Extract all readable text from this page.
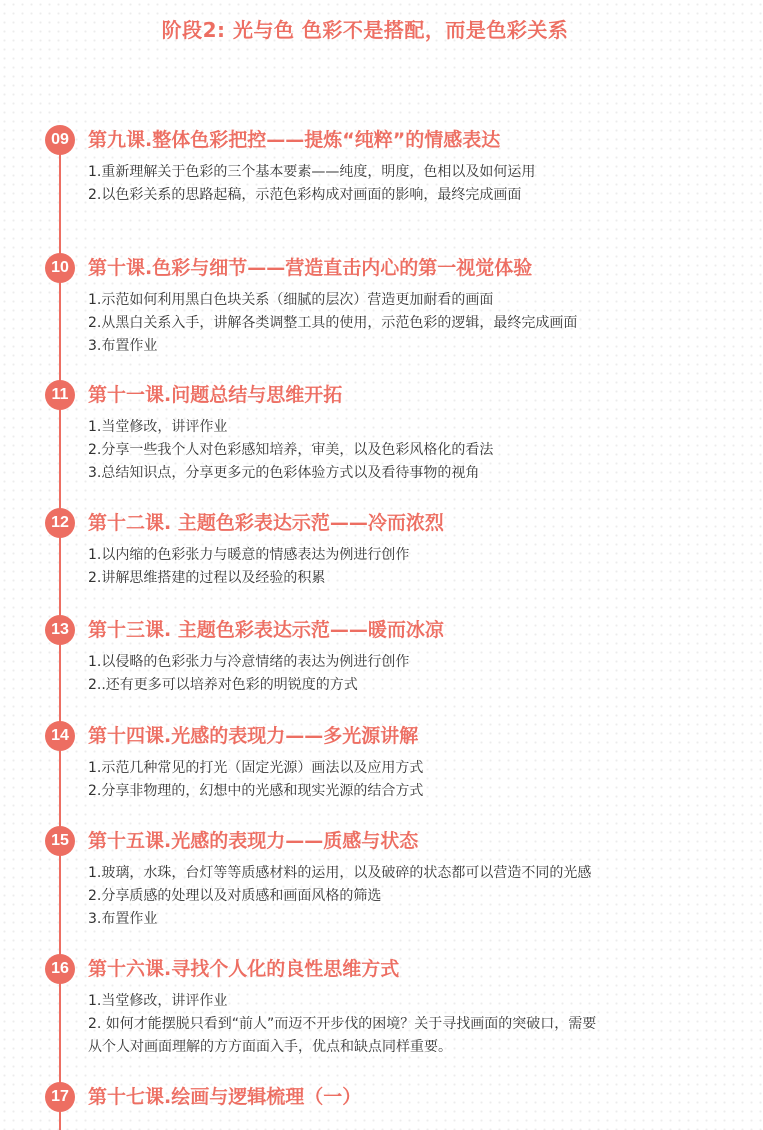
阶段2: 光与色 色彩不是搭配，而是色彩关系
09	第九课.整体色彩把控——提炼“纯粹”的情感表达
1.重新理解关于色彩的三个基本要素——纯度，明度，色相以及如何运用
2.以色彩关系的思路起稿，示范色彩构成对画面的影响，最终完成画面
10	第十课.色彩与细节——营造直击内心的第一视觉体验
1.示范如何利用黑白色块关系（细腻的层次）营造更加耐看的画面
2.从黑白关系入手，讲解各类调整工具的使用，示范色彩的逻辑，最终完成画面
3.布置作业
11	第十一课.问题总结与思维开拓
1.当堂修改，讲评作业
2.分享一些我个人对色彩感知培养，审美，以及色彩风格化的看法
3.总结知识点，分享更多元的色彩体验方式以及看待事物的视角
12	第十二课. 主题色彩表达示范——冷而浓烈
1.以内缩的色彩张力与暖意的情感表达为例进行创作
2.讲解思维搭建的过程以及经验的积累
13	第十三课. 主题色彩表达示范——暖而冰凉
1.以侵略的色彩张力与冷意情绪的表达为例进行创作
2..还有更多可以培养对色彩的明锐度的方式
14	第十四课.光感的表现力——多光源讲解
1.示范几种常见的打光（固定光源）画法以及应用方式
2.分享非物理的，幻想中的光感和现实光源的结合方式
15	第十五课.光感的表现力——质感与状态
1.玻璃，水珠，台灯等等质感材料的运用，以及破碎的状态都可以营造不同的光感
2.分享质感的处理以及对质感和画面风格的筛选
3.布置作业
16	第十六课.寻找个人化的良性思维方式
1.当堂修改，讲评作业
2. 如何才能摆脱只看到“前人”而迈不开步伐的困境？关于寻找画面的突破口，需要
从个人对画面理解的方方面面入手，优点和缺点同样重要。
17	第十七课.绘画与逻辑梳理（一）
